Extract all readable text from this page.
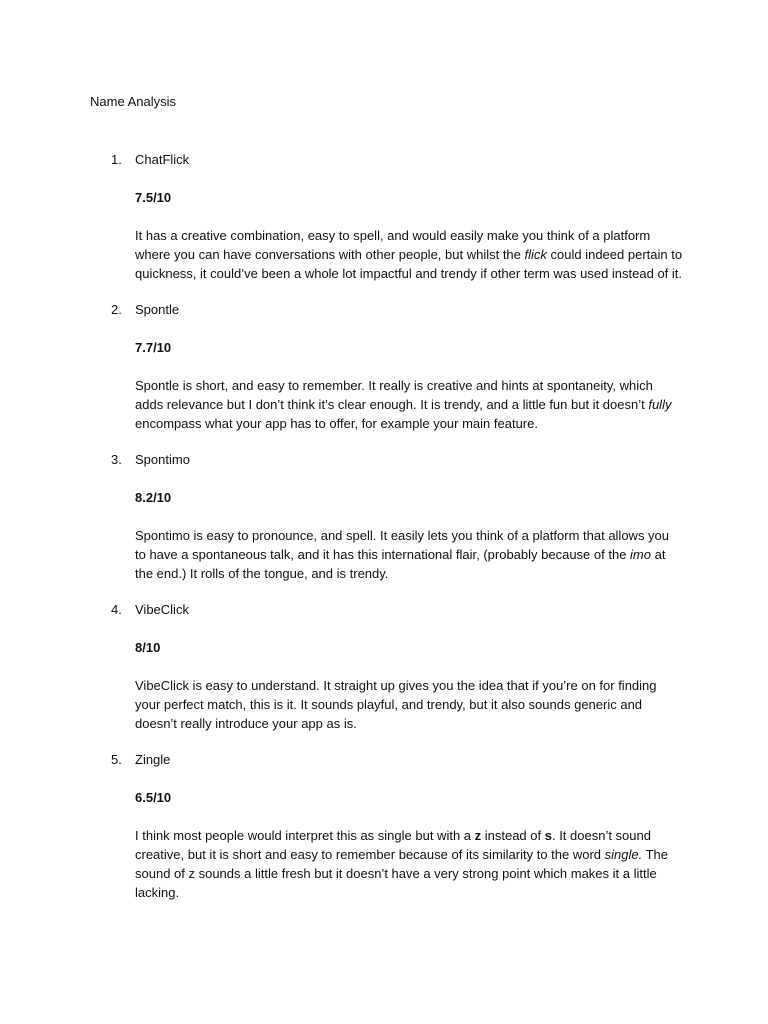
Name Analysis
1.	ChatFlick
7.5/10

It has a creative combination, easy to spell, and would easily make you think of a platform where you can have conversations with other people, but whilst the flick could indeed pertain to quickness, it could’ve been a whole lot impactful and trendy if other term was used instead of it.

2.	Spontle
7.7/10

Spontle is short, and easy to remember. It really is creative and hints at spontaneity, which adds relevance but I don’t think it’s clear enough. It is trendy, and a little fun but it doesn’t fully encompass what your app has to offer, for example your main feature.

3.	Spontimo
8.2/10

Spontimo is easy to pronounce, and spell. It easily lets you think of a platform that allows you to have a spontaneous talk, and it has this international flair, (probably because of the imo at the end.) It rolls of the tongue, and is trendy.

4.	VibeClick
8/10

VibeClick is easy to understand. It straight up gives you the idea that if you’re on for finding your perfect match, this is it. It sounds playful, and trendy, but it also sounds generic and doesn’t really introduce your app as is.

5.	Zingle
6.5/10

I think most people would interpret this as single but with a z instead of s. It doesn’t sound creative, but it is short and easy to remember because of its similarity to the word single. The sound of z sounds a little fresh but it doesn’t have a very strong point which makes it a little lacking.
